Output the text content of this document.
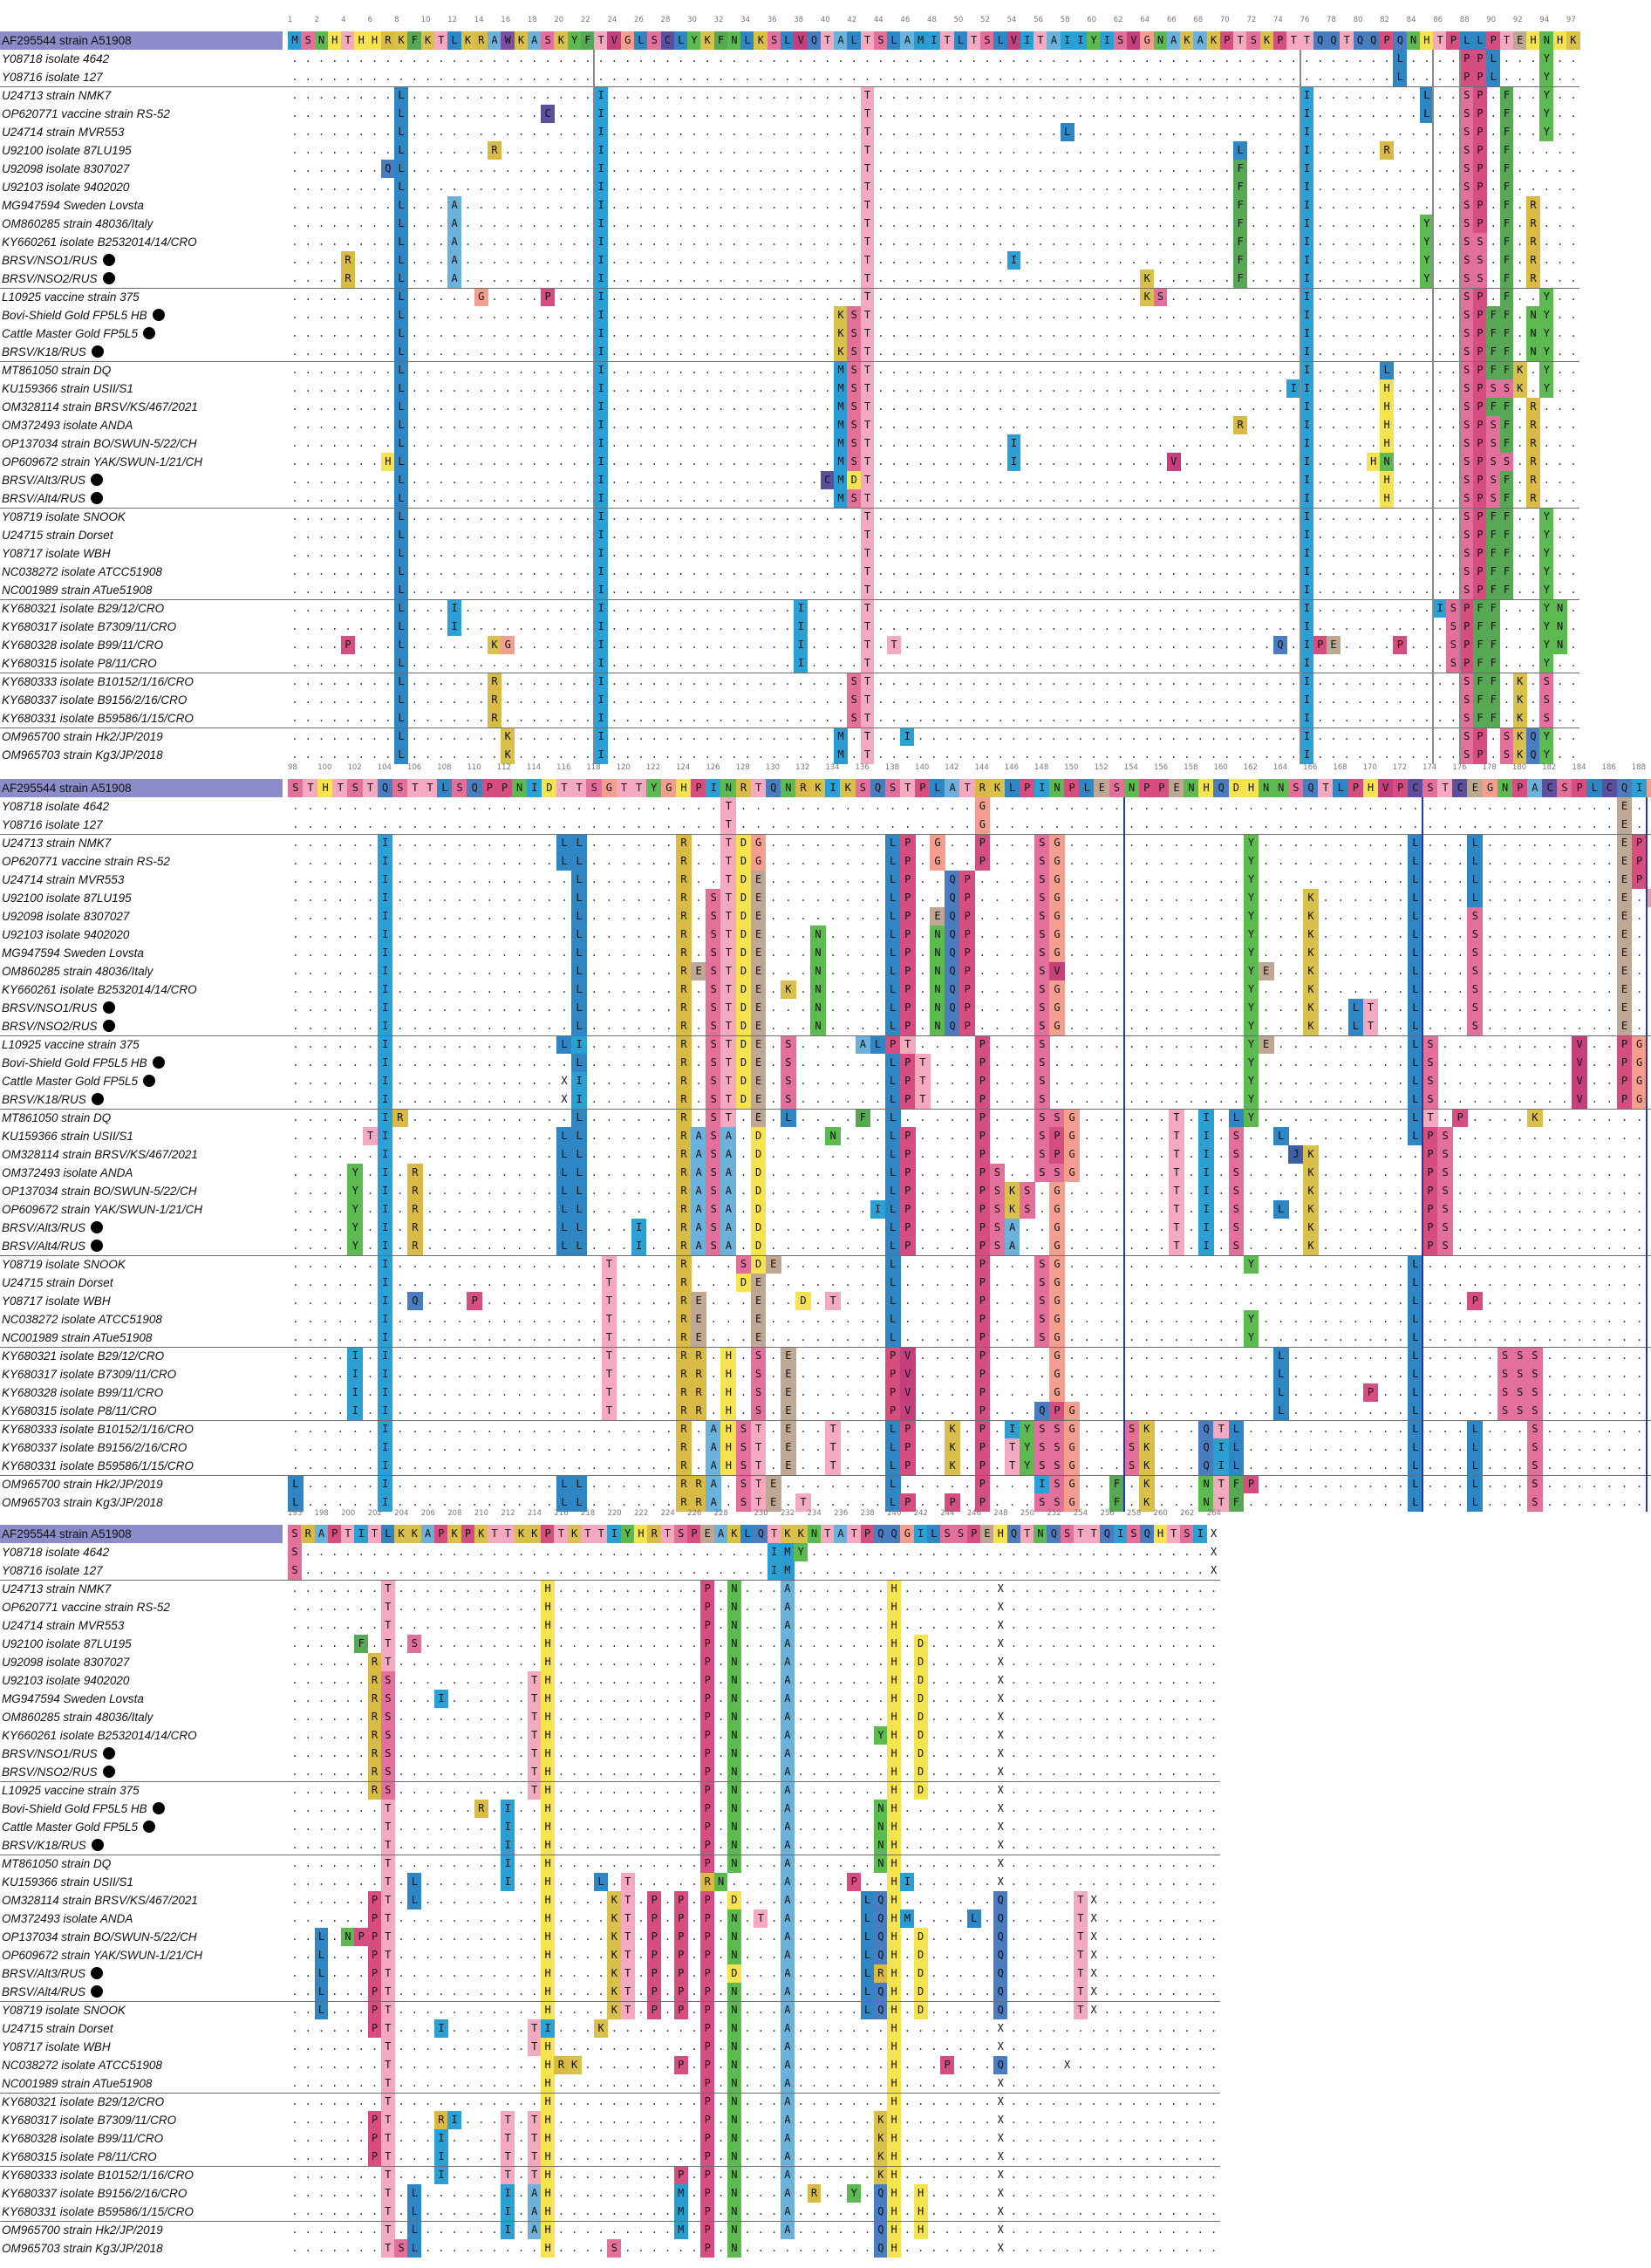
1	2	4	6	8	10 12 14 16 18 20 22 24 26 28 30 32 34 36 38 40 42 44 46 48 50 52 54 56 58 60 62 64 66 68 70 72 74 76 78 80 82 84 86 88 90 92 94 97
AF295544 strain A51908	M S N H T H H R K F K T L K R A W K A S K Y F T V G L S C L Y K F N L K S L V Q T A L T S L A M I T L T S L V I T A I I Y I S V G N A K A K P T S K P T T Q Q T Q Q P Q N H T P L L P T E H N H K
Y08718 isolate 4642	. . . . . . . . . . . . . . . . . . . . . . . . . . . . . . . . . . . . . . . . . . . . . . . . . . . . . . . . . . . . . . . . . . . . . . . . . . . . . . . . . . . L . . . . P P L . . . Y . .
Y08716 isolate 127	. . . . . . . . . . . . . . . . . . . . . . . . . . . . . . . . . . . . . . . . . . . . . . . . . . . . . . . . . . . . . . . . . . . . . . . . . . . . . . . . . . . L . . . . P P L . . . Y . .
U24713 strain NMK7	. . . . . . . . L . . . . . . . . . . . . . . I . . . . . . . . . . . . . . . . . . . T . . . . . . . . . . . . . . . . . . . . . . . . . . . . . . . . I . . . . . . . . L . . S P . F . . Y . .
OP620771 vaccine strain RS-52	. . . . . . . . L . . . . . . . . . . C . . . I . . . . . . . . . . . . . . . . . . . T . . . . . . . . . . . . . . . . . . . . . . . . . . . . . . . . I . . . . . . . . L . . S P . F . . Y . .
U24714 strain MVR553	. . . . . . . . L . . . . . . . . . . . . . . I . . . . . . . . . . . . . . . . . . . T . . . . . . . . . . . . . . L . . . . . . . . . . . . . . . . . I . . . . . . . . . . . S P . F . . Y . .
U92100 isolate 87LU195	. . . . . . . . L . . . . . . R . . . . . . . I . . . . . . . . . . . . . . . . . . . T . . . . . . . . . . . . . . . . . . . . . . . . . . . L . . . . I . . . . . R . . . . . S P . F . . . . .
U92098 isolate 8307027	. . . . . . . Q L . . . . . . . . . . . . . . I . . . . . . . . . . . . . . . . . . . T . . . . . . . . . . . . . . . . . . . . . . . . . . . F . . . . I . . . . . . . . . . . S P . F . . . . .
U92103 isolate 9402020	. . . . . . . . L . . . . . . . . . . . . . . I . . . . . . . . . . . . . . . . . . . T . . . . . . . . . . . . . . . . . . . . . . . . . . . F . . . . I . . . . . . . . . . . S P . F . . . . .
MG947594 Sweden Lovsta	. . . . . . . . L . . . A . . . . . . . . . . I . . . . . . . . . . . . . . . . . . . T . . . . . . . . . . . . . . . . . . . . . . . . . . . F . . . . I . . . . . . . . . . . S P . F . R . . .
OM860285 strain 48036/Italy	. . . . . . . . L . . . A . . . . . . . . . . I . . . . . . . . . . . . . . . . . . . T . . . . . . . . . . . . . . . . . . . . . . . . . . . F . . . . I . . . . . . . . Y . . S P . F . R . . .
KY660261 isolate B2532014/14/CRO	. . . . . . . . L . . . A . . . . . . . . . . I . . . . . . . . . . . . . . . . . . . T . . . . . . . . . . . . . . . . . . . . . . . . . . . F . . . . I . . . . . . . . Y . . S S . F . R . . .
BRSV/NSO1/RUS	. . . . R . . . L . . . A . . . . . . . . . . I . . . . . . . . . . . . . . . . . . . T . . . . . . . . . . I . . . . . . . . . . . . . . . . F . . . . I . . . . . . . . Y . . S S . F . R . . .
BRSV/NSO2/RUS	. . . . R . . . L . . . A . . . . . . . . . . I . . . . . . . . . . . . . . . . . . . T . . . . . . . . . . . . . . . . . . . . K . . . . . . F . . . . I . . . . . . . . Y . . S S . F . R . . .
L10925 vaccine strain 375	. . . . . . . . L . . . . . G . . . . P . . . I . . . . . . . . . . . . . . . . . . . T . . . . . . . . . . . . . . . . . . . . K S . . . . . . . . . . I . . . . . . . . . . . S P . F . . Y . .
Bovi-Shield Gold FP5L5 HB	. . . . . . . . L . . . . . . . . . . . . . . I . . . . . . . . . . . . . . . . . K S T . . . . . . . . . . . . . . . . . . . . . . . . . . . . . . . . I . . . . . . . . . . . S P F F . N Y . .
Cattle Master Gold FP5L5	. . . . . . . . L . . . . . . . . . . . . . . I . . . . . . . . . . . . . . . . . K S T . . . . . . . . . . . . . . . . . . . . . . . . . . . . . . . . I . . . . . . . . . . . S P F F . N Y . .
BRSV/K18/RUS	. . . . . . . . L . . . . . . . . . . . . . . I . . . . . . . . . . . . . . . . . K S T . . . . . . . . . . . . . . . . . . . . . . . . . . . . . . . . I . . . . . . . . . . . S P F F . N Y . .
MT861050 strain DQ	. . . . . . . . L . . . . . . . . . . . . . . I . . . . . . . . . . . . . . . . . M S T . . . . . . . . . . . . . . . . . . . . . . . . . . . . . . . . I . . . . . L . . . . . S P F F K . Y . .
KU159366 strain USII/S1	. . . . . . . . L . . . . . . . . . . . . . . I . . . . . . . . . . . . . . . . . M S T . . . . . . . . . . . . . . . . . . . . . . . . . . . . . . . I I . . . . . H . . . . . S P S S K . Y . .
OM328114 strain BRSV/KS/467/2021	. . . . . . . . L . . . . . . . . . . . . . . I . . . . . . . . . . . . . . . . . M S T . . . . . . . . . . . . . . . . . . . . . . . . . . . . . . . . I . . . . . H . . . . . S P F F . R . . .
OM372493 isolate ANDA	. . . . . . . . L . . . . . . . . . . . . . . I . . . . . . . . . . . . . . . . . M S T . . . . . . . . . . . . . . . . . . . . . . . . . . . R . . . . I . . . . . H . . . . . S P S F . R . . .
OP137034 strain BO/SWUN-5/22/CH	. . . . . . . . L . . . . . . . . . . . . . . I . . . . . . . . . . . . . . . . . M S T . . . . . . . . . . I . . . . . . . . . . . . . . . . . . . . . I . . . . . H . . . . . S P S F . R . . .
OP609672 strain YAK/SWUN-1/21/CH	. . . . . . . H L . . . . . . . . . . . . . . I . . . . . . . . . . . . . . . . . M S T . . . . . . . . . . I . . . . . . . . . . . V . . . . . . . . . I . . . . H N . . . . . S P S S . R . . .
BRSV/Alt3/RUS	. . . . . . . . L . . . . . . . . . . . . . . I . . . . . . . . . . . . . . . . C M D T . . . . . . . . . . . . . . . . . . . . . . . . . . . . . . . . I . . . . . H . . . . . S P S F . R . . .
BRSV/Alt4/RUS	. . . . . . . . L . . . . . . . . . . . . . . I . . . . . . . . . . . . . . . . . M S T . . . . . . . . . . . . . . . . . . . . . . . . . . . . . . . . I . . . . . H . . . . . S P S F . R . . .
Y08719 isolate SNOOK	. . . . . . . . L . . . . . . . . . . . . . . I . . . . . . . . . . . . . . . . . . . T . . . . . . . . . . . . . . . . . . . . . . . . . . . . . . . . I . . . . . . . . . . . S P F F . . Y . .
U24715 strain Dorset	. . . . . . . . L . . . . . . . . . . . . . . I . . . . . . . . . . . . . . . . . . . T . . . . . . . . . . . . . . . . . . . . . . . . . . . . . . . . I . . . . . . . . . . . S P F F . . Y . .
Y08717 isolate WBH	. . . . . . . . L . . . . . . . . . . . . . . I . . . . . . . . . . . . . . . . . . . T . . . . . . . . . . . . . . . . . . . . . . . . . . . . . . . . I . . . . . . . . . . . S P F F . . Y . .
NC038272 isolate ATCC51908	. . . . . . . . L . . . . . . . . . . . . . . I . . . . . . . . . . . . . . . . . . . T . . . . . . . . . . . . . . . . . . . . . . . . . . . . . . . . I . . . . . . . . . . . S P F F . . Y . .
NC001989 strain ATue51908	. . . . . . . . L . . . . . . . . . . . . . . I . . . . . . . . . . . . . . . . . . . T . . . . . . . . . . . . . . . . . . . . . . . . . . . . . . . . I . . . . . . . . . . . S P F F . . Y . .
KY680321 isolate B29/12/CRO	. . . . . . . . L . . . I . . . . . . . . . . I . . . . . . . . . . . . . . I . . . . T . . . . . . . . . . . . . . . . . . . . . . . . . . . . . . . . I . . . . . . . . . I S P F F . . . Y N .
KY680317 isolate B7309/11/CRO	. . . . . . . . L . . . I . . . . . . . . . . I . . . . . . . . . . . . . . I . . . . T . . . . . . . . . . . . . . . . . . . . . . . . . . . . . . . . I . . . . . . . . . . S P F F . . . Y N .
KY680328 isolate B99/11/CRO	. . . . P . . . L . . . . . . K G . . . . . . I . . . . . . . . . . . . . . I . . . . T . T . . . . . . . . . . . . . . . . . . . . . . . . . . . . Q . I P E . . . . P . . . S P F F . . . Y N .
KY680315 isolate P8/11/CRO	. . . . . . . . L . . . . . . . . . . . . . . I . . . . . . . . . . . . . . I . . . . T . . . . . . . . . . . . . . . . . . . . . . . . . . . . . . . . I . . . . . . . . . . S P F F . . . Y . .
KY680333 isolate B10152/1/16/CRO	. . . . . . . . L . . . . . . R . . . . . . . I . . . . . . . . . . . . . . . . . . S T . . . . . . . . . . . . . . . . . . . . . . . . . . . . . . . . I . . . . . . . . . . . S F F . K . S . .
KY680337 isolate B9156/2/16/CRO	. . . . . . . . L . . . . . . R . . . . . . . I . . . . . . . . . . . . . . . . . . S T . . . . . . . . . . . . . . . . . . . . . . . . . . . . . . . . I . . . . . . . . . . . S F F . K . S . .
KY680331 isolate B59586/1/15/CRO	. . . . . . . . L . . . . . . R . . . . . . . I . . . . . . . . . . . . . . . . . . S T . . . . . . . . . . . . . . . . . . . . . . . . . . . . . . . . I . . . . . . . . . . . S F F . K . S . .
OM965700 strain Hk2/JP/2019	. . . . . . . . L . . . . . . . K . . . . . . I . . . . . . . . . . . . . . . . . M . T . . I . . . . . . . . . . . . . . . . . . . . . . . . . . . . . I . . . . . . . . . . . S P . S K Q Y . .
OM965703 strain Kg3/JP/2018	. . . . . . . . L . . . . . . . K . . . . . . I . . . . . . . . . . . . . . . . . M . T . . . . . . . . . . . . . . . . . . . . . . . . . . . . . . . . I . . . . . . . . . . . S P . S K Q Y . .
98	100 102 104 106 108 110 112 114 116 118 120 122 124 126 128 130 132 134 136 138 140 142 144 146 148 150 152 154 156 158 160 162 164 166 168 170 172 174 176 178 180 182 184 186 188
AF295544 strain A51908	S T H T S T Q S T T L S Q P P N I D T T S G T T Y G H P I N R T Q N R K I K S Q S T P L A T R K L P I N P L E S N P P E N H Q D H N N S Q T L P H V P C S T C E G N P A C S P L C Q I
Y08718 isolate 4642	. . . . . . . . . . . . . . . . . . . . . . . . . . . . . T . . . . . . . . . . . . . . . . G . . . . . . . . . . . . . . . . . . . . . . . . . . . . . . . . . . . . . . . . . . E .
Y08716 isolate 127	. . . . . . . . . . . . . . . . . . . . . . . . . . . . . T . . . . . . . . . . . . . . . . G . . . . . . . . . . . . . . . . . . . . . . . . . . . . . . . . . . . . . . . . . . E .
U24713 strain NMK7	. . . . . . I . . . . . . . . . . . L L . . . . . . R . . T D G . . . . . . . . L P . G . . P . . . S G . . . . . . . . . . . . Y . . . . . . . . . . L . . . L . . . . . . . . . E P
OP620771 vaccine strain RS-52	. . . . . . I . . . . . . . . . . . L L . . . . . . R . . T D G . . . . . . . . L P . G . . P . . . S G . . . . . . . . . . . . Y . . . . . . . . . . L . . . L . . . . . . . . . E P
U24714 strain MVR553	. . . . . . I . . . . . . . . . . . . L . . . . . . R . . T D E . . . . . . . . L P . . Q P . . . . S G . . . . . . . . . . . . Y . . . . . . . . . . L . . . L . . . . . . . . . E P
U92100 isolate 87LU195	. . . . . . I . . . . . . . . . . . . L . . . . . . R . S T D E . . . . . . . . L P . . Q P . . . . S G . . . . . . . . . . . . Y . . . K . . . . . . L . . . L . . . . . . . . . E .
U92098 isolate 8307027	. . . . . . I . . . . . . . . . . . . L . . . . . . R . S T D E . . . . . . . . L P . E Q P . . . . S G . . . . . . . . . . . . Y . . . K . . . . . . L . . . S . . . . . . . . . E .
U92103 isolate 9402020	. . . . . . I . . . . . . . . . . . . L . . . . . . R . S T D E . . . N . . . . L P . N Q P . . . . S G . . . . . . . . . . . . Y . . . K . . . . . . L . . . S . . . . . . . . . E .
MG947594 Sweden Lovsta	. . . . . . I . . . . . . . . . . . . L . . . . . . R . S T D E . . . N . . . . L P . N Q P . . . . S G . . . . . . . . . . . . Y . . . K . . . . . . L . . . S . . . . . . . . . E .
OM860285 strain 48036/Italy	. . . . . . I . . . . . . . . . . . . L . . . . . . R E S T D E . . . N . . . . L P . N Q P . . . . S V . . . . . . . . . . . . Y E . . K . . . . . . L . . . S . . . . . . . . . E .
KY660261 isolate B2532014/14/CRO	. . . . . . I . . . . . . . . . . . . L . . . . . . R . S T D E . K . N . . . . L P . N Q P . . . . S G . . . . . . . . . . . . Y . . . K . . . . . . L . . . S . . . . . . . . . E .
BRSV/NSO1/RUS	. . . . . . I . . . . . . . . . . . . L . . . . . . R . S T D E . . . N . . . . L P . N Q P . . . . S G . . . . . . . . . . . . Y . . . K . . L T . . L . . . S . . . . . . . . . E .
BRSV/NSO2/RUS	. . . . . . I . . . . . . . . . . . . L . . . . . . R . S T D E . . . N . . . . L P . N Q P . . . . S G . . . . . . . . . . . . Y . . . K . . L T . . L . . . S . . . . . . . . . E .
L10925 vaccine strain 375	. . . . . . I . . . . . . . . . . . L I . . . . . . R . S T D E . S . . . . A L P T . . . . P . . . S . . . . . . . . . . . . . Y E . . . . . . . . . L S . . . . . . . . . V . . P G
Bovi-Shield Gold FP5L5 HB	. . . . . . I . . . . . . . . . . . . L . . . . . . R . S T D E . S . . . . . . L P T . . . P . . . S . . . . . . . . . . . . . Y . . . . . . . . . . L S . . . . . . . . . V . . P G
Cattle Master Gold FP5L5	. . . . . . I . . . . . . . . . . . X I . . . . . . R . S T D E . S . . . . . . L P T . . . P . . . S . . . . . . . . . . . . . Y . . . . . . . . . . L S . . . . . . . . . V . . P G
BRSV/K18/RUS	. . . . . . I . . . . . . . . . . . X I . . . . . . R . S T D E . S . . . . . . L P T . . . P . . . S . . . . . . . . . . . . . Y . . . . . . . . . . L S . . . . . . . . . V . . P G
MT861050 strain DQ	. . . . . . I R . . . . . . . . . . . L . . . . . . R . S T . E . L . . . . F . L . . . . . P . . . S S G . . . . . . T . I . L Y . . . . . . . . . . L T . P . . . . K . . . . . . .
KU159366 strain USII/S1	. . . . . T I . . . . . . . . . . . L L . . . . . . R A S A . D . . . . N . . . L P . . . . P . . . S P G . . . . . . T . I . S . . L . . . . . . . . L P S . . . . . . . . . . . . .
OM328114 strain BRSV/KS/467/2021	. . . . . . I . . . . . . . . . . . L L . . . . . . R A S A . D . . . . . . . . L P . . . . P . . . S P G . . . . . . T . I . S . . . J K . . . . . . . P S . . . . . . . . . . . . .
OM372493 isolate ANDA	. . . . Y . I . R . . . . . . . . . L L . . . . . . R A S A . D . . . . . . . . L P . . . . P S . . S S G . . . . . . T . I . S . . . . K . . . . . . . P S . . . . . . . . . . . . .
OP137034 strain BO/SWUN-5/22/CH	. . . . Y . I . R . . . . . . . . . L L . . . . . . R A S A . D . . . . . . . . L P . . . . P S K S . G . . . . . . . T . I . S . . . . K . . . . . . . P S . . . . . . . . . . . . .
OP609672 strain YAK/SWUN-1/21/CH	. . . . Y . I . R . . . . . . . . . L L . . . . . . R A S A . D . . . . . . . I L P . . . . P S K S . G . . . . . . . T . I . S . . L . K . . . . . . . P S . . . . . . . . . . . . .
BRSV/Alt3/RUS	. . . . Y . I . R . . . . . . . . . L L . . . I . . R A S A . D . . . . . . . . L P . . . . P S A . . G . . . . . . . T . I . S . . . . K . . . . . . . P S . . . . . . . . . . . . .
BRSV/Alt4/RUS	. . . . Y . I . R . . . . . . . . . L L . . . I . . R A S A . D . . . . . . . . L P . . . . P S A . . G . . . . . . . T . I . S . . . . K . . . . . . . P S . . . . . . . . . . . . .
Y08719 isolate SNOOK	. . . . . . I . . . . . . . . . . . . . . T . . . . R . . . S D E . . . . . . . L . . . . . P . . . S G . . . . . . . . . . . . Y . . . . . . . . . . L . . . . . . . . . . . . . . .
U24715 strain Dorset	. . . . . . I . . . . . . . . . . . . . . T . . . . R . . . D E . . . . . . . . L . . . . . P . . . S G . . . . . . . . . . . . . . . . . . . . . . . L . . . . . . . . . . . . . . .
Y08717 isolate WBH	. . . . . . I . Q . . . P . . . . . . . . T . . . . R E . . . E . . D . T . . . L . . . . . P . . . S G . . . . . . . . . . . . . . . . . . . . . . . L . . . P . . . . . . . . . . .
NC038272 isolate ATCC51908	. . . . . . I . . . . . . . . . . . . . . T . . . . R E . . . E . . . . . . . . L . . . . . P . . . S G . . . . . . . . . . . . Y . . . . . . . . . . L . . . . . . . . . . . . . . .
NC001989 strain ATue51908	. . . . . . I . . . . . . . . . . . . . . T . . . . R E . . . E . . . . . . . . L . . . . . P . . . S G . . . . . . . . . . . . Y . . . . . . . . . . L . . . . . . . . . . . . . . .
KY680321 isolate B29/12/CRO	. . . . I . I . . . . . . . . . . . . . . T . . . . R R . H . S . E . . . . . . P V . . . . P . . . . G . . . . . . . . . . . . . . L . . . . . . . . L . . . . . S S S . . . . . . .
KY680317 isolate B7309/11/CRO	. . . . I . I . . . . . . . . . . . . . . T . . . . R R . H . S . E . . . . . . P V . . . . P . . . . G . . . . . . . . . . . . . . L . . . . . . . . L . . . . . S S S . . . . . . .
KY680328 isolate B99/11/CRO	. . . . I . I . . . . . . . . . . . . . . T . . . . R R . H . S . E . . . . . . P V . . . . P . . . . G . . . . . . . . . . . . . . L . . . . . P . . L . . . . . S S S . . . . . . .
KY680315 isolate P8/11/CRO	. . . . I . I . . . . . . . . . . . . . . T . . . . R R . H . S . E . . . . . . P V . . . . P . . . Q P G . . . . . . . . . . . . . L . . . . . . . . L . . . . . S S S . . . . . . .
KY680333 isolate B10152/1/16/CRO	. . . . . . I . . . . . . . . . . . . . . . . . . . R . A H S T . E . . T . . . L P . . K . P . I Y S S G . . . S K . . . Q T L . . . . . . . . . . . L . . . L . . . S . . . . . . .
KY680337 isolate B9156/2/16/CRO	. . . . . . I . . . . . . . . . . . . . . . . . . . R . A H S T . E . . T . . . L P . . K . P . T Y S S G . . . S K . . . Q I L . . . . . . . . . . . L . . . L . . . S . . . . . . .
KY680331 isolate B59586/1/15/CRO	. . . . . . I . . . . . . . . . . . . . . . . . . . R . A H S T . E . . T . . . L P . . K . P . T Y S S G . . . S K . . . Q I L . . . . . . . . . . . L . . . L . . . S . . . . . . .
OM965700 strain Hk2/JP/2019	L . . . . . I . . . . . . . . . . . L L . . . . . . R R A . S T E . . . . . . . L . . . . . P . . . I S G . . F . K . . . N T F P . . . . . . . . . . L . . . L . . . S . . . . . . .
OM965703 strain Kg3/JP/2018	L . . . . . I . . . . . . . . . . . L L . . . . . . R R A . S T E . T . . . . . L P . . P . P . . . S S G . . F . K . . . N T F . . . . . . . . . . . L . . . L . . . S . . . . . . .
195 198 200 202 204 206 208 210 212 214 216 218 220 222 224 226 228	230 232 234 236 238 240 242 244 246 248 250 252 254 256 258 260 262 264
AF295544 strain A51908	S R A P T I T L K K A P K P K T T K K P T K T T I Y H R T S P E A K L Q T K K N T A T P Q Q G I L S S P E H Q T N Q S T T Q I S Q H T S I X
Y08718 isolate 4642	S . . . . . . . . . . . . . . . . . . . . . . . . . . . . . . . . . . . I M Y . . . . . . . . . . . . . . . . . . . . . . . . . . . . . . X
Y08716 isolate 127	S . . . . . . . . . . . . . . . . . . . . . . . . . . . . . . . . . . . I M . . . . . . . . . . . . . . . . . . . . . . . . . . . . . . . X
U24713 strain NMK7	. . . . . . . T . . . . . . . . . . . H . . . . . . . . . . . P . N . . . A . . . . . . . H . . . . . . . X . . . . . . . . . . . . . . . .
OP620771 vaccine strain RS-52	. . . . . . . T . . . . . . . . . . . H . . . . . . . . . . . P . N . . . A . . . . . . . H . . . . . . . X . . . . . . . . . . . . . . . .
U24714 strain MVR553	. . . . . . . T . . . . . . . . . . . H . . . . . . . . . . . P . N . . . A . . . . . . . H . . . . . . . X . . . . . . . . . . . . . . . .
U92100 isolate 87LU195	. . . . . F . T . S . . . . . . . . . H . . . . . . . . . . . P . N . . . A . . . . . . . H . D . . . . . X . . . . . . . . . . . . . . . .
U92098 isolate 8307027	. . . . . . R T . . . . . . . . . . . H . . . . . . . . . . . P . N . . . A . . . . . . . H . D . . . . . X . . . . . . . . . . . . . . . .
U92103 isolate 9402020	. . . . . . R S . . . . . . . . . . T H . . . . . . . . . . . P . N . . . A . . . . . . . H . D . . . . . X . . . . . . . . . . . . . . . .
MG947594 Sweden Lovsta	. . . . . . R S . . . I . . . . . . T H . . . . . . . . . . . P . N . . . A . . . . . . . H . D . . . . . X . . . . . . . . . . . . . . . .
OM860285 strain 48036/Italy	. . . . . . R S . . . . . . . . . . T H . . . . . . . . . . . P . N . . . A . . . . . . . H . D . . . . . X . . . . . . . . . . . . . . . .
KY660261 isolate B2532014/14/CRO	. . . . . . R S . . . . . . . . . . T H . . . . . . . . . . . P . N . . . A . . . . . . Y H . D . . . . . X . . . . . . . . . . . . . . . .
BRSV/NSO1/RUS	. . . . . . R S . . . . . . . . . . T H . . . . . . . . . . . P . N . . . A . . . . . . . H . D . . . . . X . . . . . . . . . . . . . . . .
BRSV/NSO2/RUS	. . . . . . R S . . . . . . . . . . T H . . . . . . . . . . . P . N . . . A . . . . . . . H . D . . . . . X . . . . . . . . . . . . . . . .
L10925 vaccine strain 375	. . . . . . R S . . . . . . . . . . T H . . . . . . . . . . . P . N . . . A . . . . . . . H . D . . . . . X . . . . . . . . . . . . . . . .
Bovi-Shield Gold FP5L5 HB	. . . . . . . T . . . . . . R . I . . H . . . . . . . . . . . P . N . . . A . . . . . . N H . . . . . . . X . . . . . . . . . . . . . . . .
Cattle Master Gold FP5L5	. . . . . . . T . . . . . . . . I . . H . . . . . . . . . . . P . N . . . A . . . . . . N H . . . . . . . X . . . . . . . . . . . . . . . .
BRSV/K18/RUS	. . . . . . . T . . . . . . . . I . . H . . . . . . . . . . . P . N . . . A . . . . . . N H . . . . . . . X . . . . . . . . . . . . . . . .
MT861050 strain DQ	. . . . . . . T . . . . . . . . I . . H . . . . . . . . . . . P . N . . . A . . . . . . N H . . . . . . . X . . . . . . . . . . . . . . . .
KU159366 strain USII/S1	. . . . . . . T . L . . . . . . I . . H . . . L . T . . . . . R N . . . . A . . . . P . . H I . . . . . . X . . . . . . . . . . . . . . . .
OM328114 strain BRSV/KS/467/2021	. . . . . . P T . L . . . . . . . . . H . . . . K T . P . P . P . D . . . A . . . . . L Q H . . . . . . . Q . . . . . T X . . . . . . . . .
OM372493 isolate ANDA	. . . . . . P T . . . . . . . . . . . H . . . . K T . P . P . P . N . T . A . . . . . L Q H M . . . . L . Q . . . . . T X . . . . . . . . .
OP137034 strain BO/SWUN-5/22/CH	. . L . N P P T . . . . . . . . . . . H . . . . K T . P . P . P . N . . . A . . . . . L Q H . D . . . . . Q . . . . . T X . . . . . . . . .
OP609672 strain YAK/SWUN-1/21/CH	. . L . . . P T . . . . . . . . . . . H . . . . K T . P . P . P . N . . . A . . . . . L Q H . D . . . . . Q . . . . . T X . . . . . . . . .
BRSV/Alt3/RUS	. . L . . . P T . . . . . . . . . . . H . . . . K T . P . P . P . D . . . A . . . . . L R H . D . . . . . Q . . . . . T X . . . . . . . . .
BRSV/Alt4/RUS	. . L . . . P T . . . . . . . . . . . H . . . . K T . P . P . P . N . . . A . . . . . L Q H . D . . . . . Q . . . . . T X . . . . . . . . .
Y08719 isolate SNOOK	. . L . . . P T . . . . . . . . . . . H . . . . K T . P . P . P . N . . . A . . . . . L Q H . D . . . . . Q . . . . . T X . . . . . . . . .
U24715 strain Dorset	. . . . . . P T . . . I . . . . . . T I . . . K . . . . . . . P . N . . . A . . . . . . . H . . . . . . . X . . . . . . . . . . . . . . . .
Y08717 isolate WBH	. . . . . . . T . . . . . . . . . . T H . . . . . . . . . . . P . N . . . A . . . . . . . H . . . . . . . X . . . . . . . . . . . . . . . .
NC038272 isolate ATCC51908	. . . . . . . T . . . . . . . . . . . H R K . . . . . . . P . P . N . . . A . . . . . . . H . . . P . . . Q . . . . X . . . . . . . . . . .
NC001989 strain ATue51908	. . . . . . . T . . . . . . . . . . . H . . . . . . . . . . . P . N . . . A . . . . . . . H . . . . . . . X . . . . . . . . . . . . . . . .
KY680321 isolate B29/12/CRO	. . . . . . . T . . . . . . . . . . . H . . . . . . . . . . . P . N . . . A . . . . . . . H . . . . . . . X . . . . . . . . . . . . . . . .
KY680317 isolate B7309/11/CRO	. . . . . . P T . . . R I . . . T . T H . . . . . . . . . . . P . N . . . A . . . . . . K H . . . . . . . X . . . . . . . . . . . . . . . .
KY680328 isolate B99/11/CRO	. . . . . . P T . . . I . . . . T . T H . . . . . . . . . . . P . N . . . A . . . . . . K H . . . . . . . X . . . . . . . . . . . . . . . .
KY680315 isolate P8/11/CRO	. . . . . . P T . . . I . . . . T . T H . . . . . . . . . . . P . N . . . A . . . . . . K H . . . . . . . X . . . . . . . . . . . . . . . .
KY680333 isolate B10152/1/16/CRO	. . . . . . . T . . . I . . . . T . T H . . . . . . . . . P . P . N . . . A . . . . . . K H . . . . . . . X . . . . . . . . . . . . . . . .
KY680337 isolate B9156/2/16/CRO	. . . . . . . T . L . . . . . . I . A H . . . . . . . . . M . P . N . . . A . R . . Y . Q H . H . . . . . X . . . . . . . . . . . . . . . .
KY680331 isolate B59586/1/15/CRO	. . . . . . . T . L . . . . . . I . A H . . . . . . . . . M . P . N . . . A . . . . . . Q H . H . . . . . X . . . . . . . . . . . . . . . .
OM965700 strain Hk2/JP/2019	. . . . . . . T . L . . . . . . I . A H . . . . . . . . . M . P . N . . . A . . . . . . Q H . H . . . . . X . . . . . . . . . . . . . . . .
OM965703 strain Kg3/JP/2018	. . . . . . . T S L . . . . . . . . . H . . . . S . . . . . . P . N . . . . . . . . . . Q H . . . . . . . X . . . . . . . . . . . . . . . .
